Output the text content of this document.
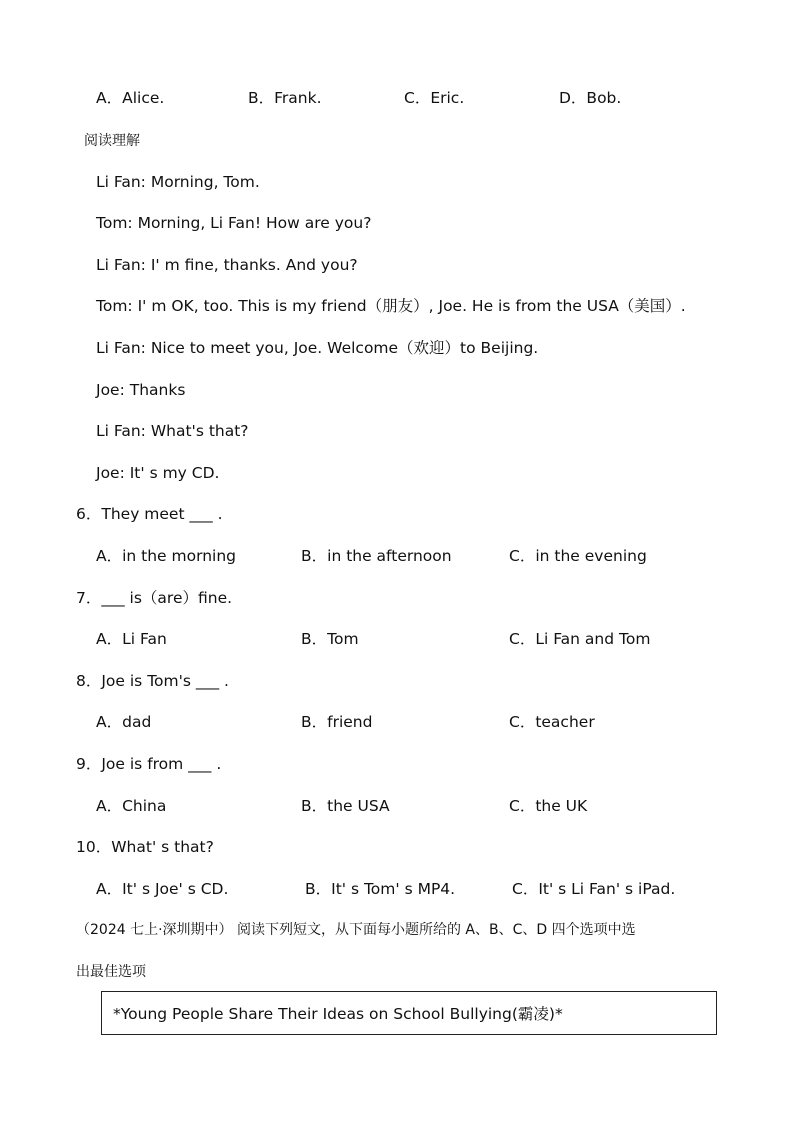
A．Alice.	B．Frank.	C．Eric.	D．Bob.
阅读理解
Li Fan: Morning, Tom.
Tom: Morning, Li Fan! How are you?
Li Fan: I' m fine, thanks. And you?
Tom: I' m OK, too. This is my friend（朋友）, Joe. He is from the USA（美国）.
Li Fan: Nice to meet you, Joe. Welcome（欢迎）to Beijing.
Joe: Thanks
Li Fan: What's that?
Joe: It' s my CD.
6．They meet ___ .
A．in the morning	B．in the afternoon	C．in the evening
7．___ is（are）fine.
A．Li Fan	B．Tom	C．Li Fan and Tom
8．Joe is Tom's ___ .
A．dad	B．friend	C．teacher
9．Joe is from ___ .
A．China	B．the USA	C．the UK
10．What' s that?
A．It' s Joe' s CD.	B．It' s Tom' s MP4.	C．It' s Li Fan' s iPad.
（2024 七上·深圳期中） 阅读下列短文，从下面每小题所给的 A、B、C、D 四个选项中选
出最佳选项
*Young People Share Their Ideas on School Bullying(霸凌)*
